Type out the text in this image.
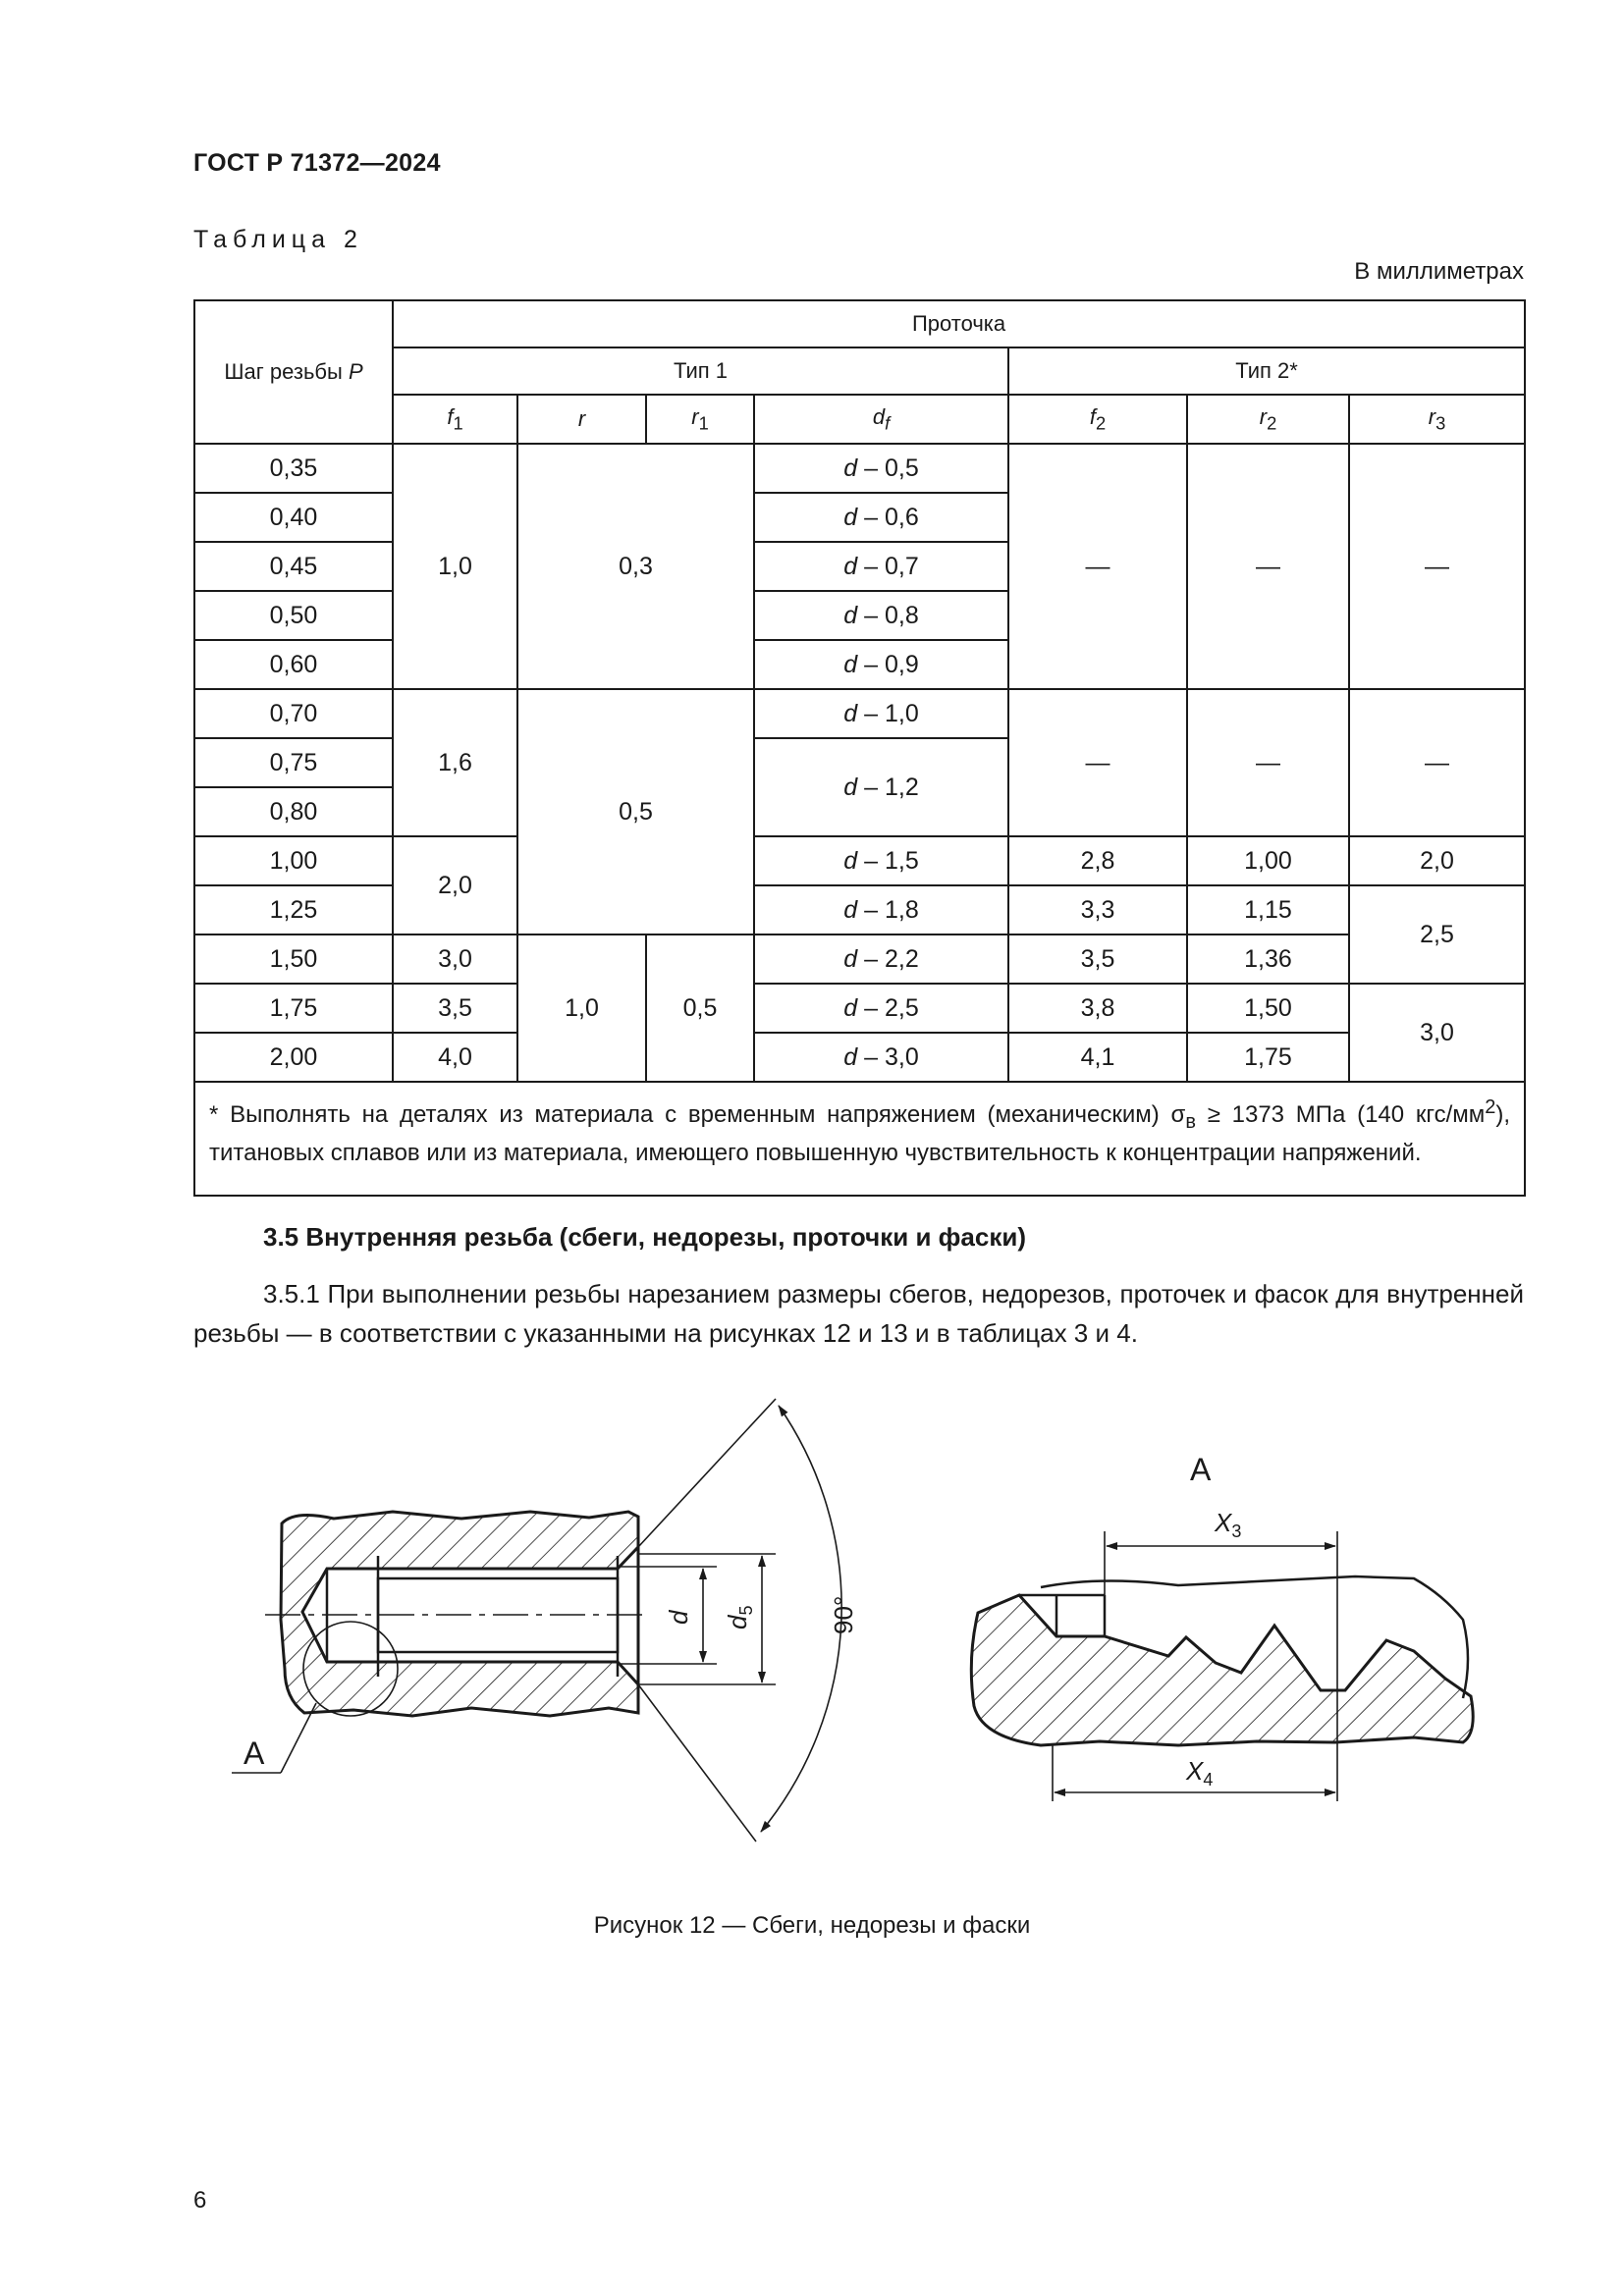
ГОСТ Р 71372—2024
Таблица 2
В миллиметрах
Шаг резьбы P	Проточка						
	Тип 1				Тип 2*		
	$f_1$	r	$r_1$	$d_f$	$f_2$	$r_2$	$r_3$
0,35	1,0	0,3		d – 0,5	—	—	—
0,40				d – 0,6			
0,45				d – 0,7			
0,50				d – 0,8			
0,60				d – 0,9			
0,70	1,6	0,5		d – 1,0	—	—	—
0,75				d – 1,2			
0,80							
1,00	2,0			d – 1,5	2,8	1,00	2,0
1,25				d – 1,8	3,3	1,15	2,5
1,50	3,0	1,0	0,5	d – 2,2	3,5	1,36	
1,75	3,5			d – 2,5	3,8	1,50	3,0
2,00	4,0			d – 3,0	4,1	1,75	
* Выполнять на деталях из материала с временным напряжением (механическим) $\sigma_в \ge 1373$ МПа (140 кгс/$мм^2$), титановых сплавов или из материала, имеющего повышенную чувствительность к концентрации напряжений.							
3.5 Внутренняя резьба (сбеги, недорезы, проточки и фаски)
3.5.1 При выполнении резьбы нарезанием размеры сбегов, недорезов, проточек и фасок для внутренней резьбы — в соответствии с указанными на рисунках 12 и 13 и в таблицах 3 и 4.
А
d $d_5$	90°
А
$X_3$
$X_4$
Рисунок 12 — Сбеги, недорезы и фаски
6
